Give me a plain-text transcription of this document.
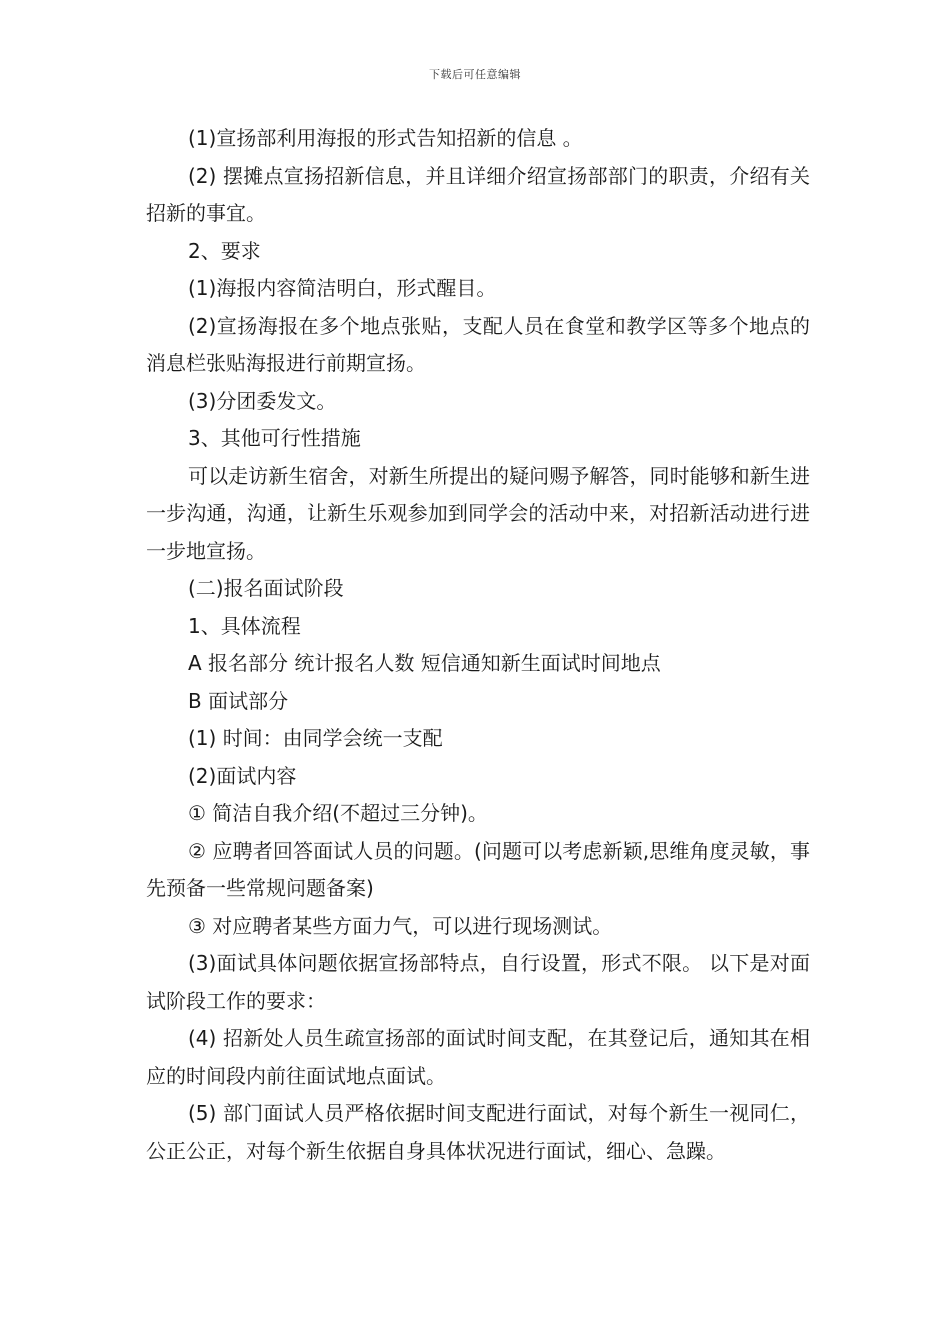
下载后可任意编辑

(1)宣扬部利用海报的形式告知招新的信息 。

(2) 摆摊点宣扬招新信息，并且详细介绍宣扬部部门的职责，介绍有关招新的事宜。

2、要求

(1)海报内容简洁明白，形式醒目。

(2)宣扬海报在多个地点张贴，支配人员在食堂和教学区等多个地点的消息栏张贴海报进行前期宣扬。

(3)分团委发文。

3、其他可行性措施

可以走访新生宿舍，对新生所提出的疑问赐予解答，同时能够和新生进一步沟通，沟通，让新生乐观参加到同学会的活动中来，对招新活动进行进一步地宣扬。

(二)报名面试阶段

1、具体流程

A 报名部分 统计报名人数 短信通知新生面试时间地点

B 面试部分

(1) 时间：由同学会统一支配

(2)面试内容

① 简洁自我介绍(不超过三分钟)。

② 应聘者回答面试人员的问题。(问题可以考虑新颖,思维角度灵敏，事先预备一些常规问题备案)

③ 对应聘者某些方面力气，可以进行现场测试。

(3)面试具体问题依据宣扬部特点，自行设置，形式不限。 以下是对面试阶段工作的要求：

(4) 招新处人员生疏宣扬部的面试时间支配，在其登记后，通知其在相应的时间段内前往面试地点面试。

(5) 部门面试人员严格依据时间支配进行面试，对每个新生一视同仁，公正公正，对每个新生依据自身具体状况进行面试，细心、急躁。
